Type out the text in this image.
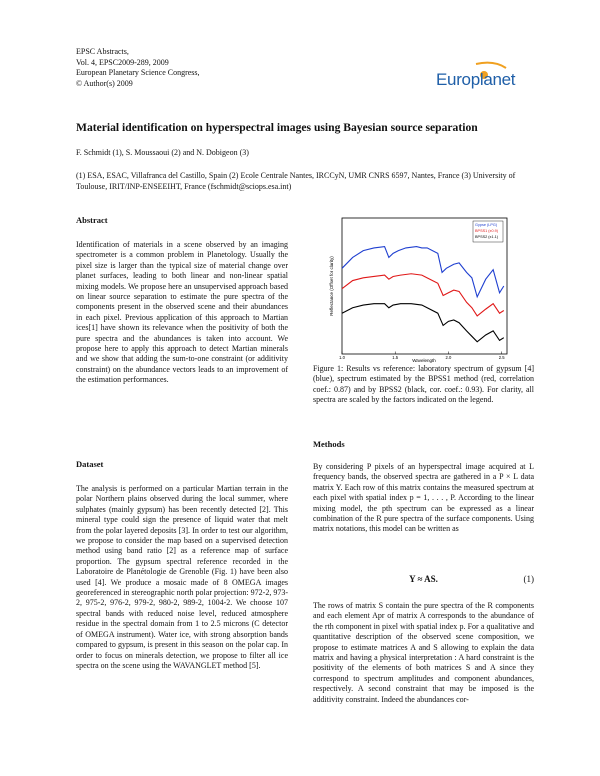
EPSC Abstracts,
Vol. 4, EPSC2009-289, 2009
European Planetary Science Congress,
© Author(s) 2009	Europlanet
Material identification on hyperspectral images using Bayesian source separation
F. Schmidt (1), S. Moussaoui (2) and N. Dobigeon (3)
(1) ESA, ESAC, Villafranca del Castillo, Spain (2) Ecole Centrale Nantes, IRCCyN, UMR CNRS 6597, Nantes, France (3) University of Toulouse, IRIT/INP-ENSEEIHT, France (fschmidt@sciops.esa.int)
Abstract
Identification of materials in a scene observed by an imaging spectrometer is a common problem in Planetology. Usually the pixel size is larger than the typical size of material change over planet surfaces, leading to both linear and non-linear spatial mixing models. We propose here an unsupervised approach based on linear source separation to estimate the pure spectra of the components present in the observed scene and their abundances in each pixel. Previous application of this approach to Martian ices[1] have shown its relevance when the positivity of both the pure spectra and the abundances is taken into account. We propose here to apply this approach to detect Martian minerals and we show that adding the sum-to-one constraint (or additivity constraint) on the abundance vectors leads to an improvement of the estimation performances.
Dataset
The analysis is performed on a particular Martian terrain in the polar Northern plains observed during the local summer, where sulphates (mainly gypsum) has been recently detected [2]. This mineral type could sign the presence of liquid water that melt from the polar layered deposits [3]. In order to test our algorithm, we propose to consider the map based on a supervised detection method using band ratio [2] as a reference map of surface proportion. The gypsum spectral reference recorded in the Laboratoire de Planétologie de Grenoble (Fig. 1) have been also used [4]. We produce a mosaic made of 8 OMEGA images georeferenced in stereographic north polar projection: 972-2, 973-2, 975-2, 976-2, 979-2, 980-2, 989-2, 1004-2. We choose 107 spectral bands with reduced noise level, reduced atmosphere residue in the spectral domain from 1 to 2.5 microns (C detector of OMEGA instrument). Water ice, with strong absorption bands compared to gypsum, is present in this season on the polar cap. In order to focus on minerals detection, we propose to filter all ice spectra on the scene using the WAVANGLET method [5].
1.0	1.5	2.0	2.5
Reflectance (Offset for clarity)
Wavelength
Gypse (LPG)
BPSS1 (x0.9)
BPSS2 (x1.1)
Figure 1: Results vs reference: laboratory spectrum of gypsum [4] (blue), spectrum estimated by the BPSS1 method (red, correlation coef.: 0.87) and by BPSS2 (black, cor. coef.: 0.93). For clarity, all spectra are scaled by the factors indicated on the legend.
Methods
By considering P pixels of an hyperspectral image acquired at L frequency bands, the observed spectra are gathered in a P × L data matrix Y. Each row of this matrix contains the measured spectrum at each pixel with spatial index p = 1, . . . , P. According to the linear mixing model, the pth spectrum can be expressed as a linear combination of the R pure spectra of the surface components. Using matrix notations, this model can be written as
Y ≈ AS.	(1)
The rows of matrix S contain the pure spectra of the R components and each element Apr of matrix A corresponds to the abundance of the rth component in pixel with spatial index p. For a qualitative and quantitative description of the observed scene composition, we propose to estimate matrices A and S allowing to explain the data matrix and having a physical interpretation : A hard constraint is the positivity of the elements of both matrices S and A since they correspond to spectrum amplitudes and component abundances, respectively. A second constraint that may be imposed is the additivity constraint. Indeed the abundances cor-
